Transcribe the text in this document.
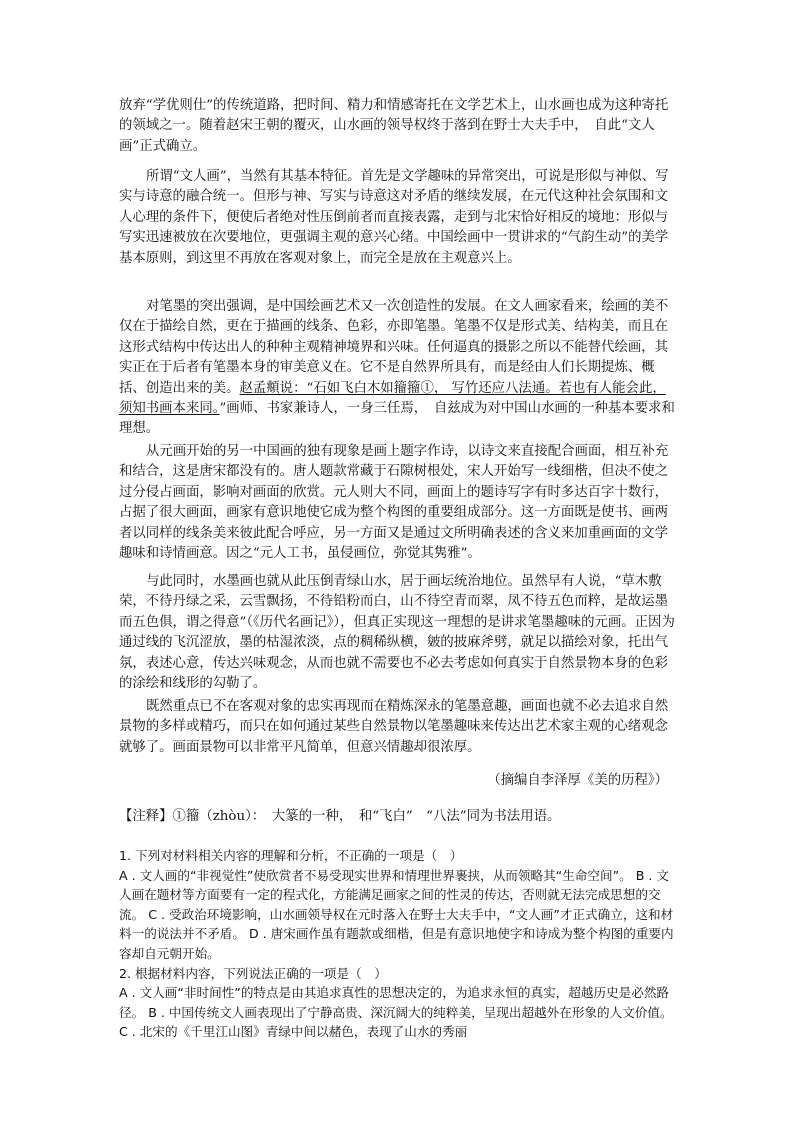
放弃“学优则仕”的传统道路，把时间、精力和情感寄托在文学艺术上，山水画也成为这种寄托的领域之一。随着赵宋王朝的覆灭，山水画的领导权终于落到在野士大夫手中，　自此“文人画”正式确立。

所谓“文人画”，当然有其基本特征。首先是文学趣味的异常突出，可说是形似与神似、写实与诗意的融合统一。但形与神、写实与诗意这对矛盾的继续发展，在元代这种社会氛围和文人心理的条件下，便使后者绝对性压倒前者而直接表露，走到与北宋恰好相反的境地：形似与写实迅速被放在次要地位，更强调主观的意兴心绪。中国绘画中一贯讲求的“气韵生动”的美学基本原则，到这里不再放在客观对象上，而完全是放在主观意兴上。

对笔墨的突出强调，是中国绘画艺术又一次创造性的发展。在文人画家看来，绘画的美不仅在于描绘自然，更在于描画的线条、色彩，亦即笔墨。笔墨不仅是形式美、结构美，而且在这形式结构中传达出人的种种主观精神境界和兴味。任何逼真的摄影之所以不能替代绘画，其实正在于后者有笔墨本身的审美意义在。它不是自然界所具有，而是经由人们长期提炼、概括、创造出来的美。赵孟頫说：“石如飞白木如籀籀①， 写竹还应八法通。若也有人能会此，须知书画本来同。”画师、书家兼诗人，一身三任焉，　自兹成为对中国山水画的一种基本要求和理想。

从元画开始的另一中国画的独有现象是画上题字作诗，以诗文来直接配合画面，相互补充和结合，这是唐宋都没有的。唐人题款常藏于石隙树根处，宋人开始写一线细楷，但决不使之过分侵占画面，影响对画面的欣赏。元人则大不同，画面上的题诗写字有时多达百字十数行，占据了很大画面，画家有意识地使它成为整个构图的重要组成部分。这一方面既是使书、画两者以同样的线条美来彼此配合呼应，另一方面又是通过文所明确表述的含义来加重画面的文学趣味和诗情画意。因之“元人工书，虽侵画位，弥觉其隽雅”。

与此同时，水墨画也就从此压倒青绿山水，居于画坛统治地位。虽然早有人说，“草木敷荣，不待丹绿之采，云雪飘扬，不待铅粉而白，山不待空青而翠，凤不待五色而粹，是故运墨而五色俱，谓之得意”（《历代名画记》），但真正实现这一理想的是讲求笔墨趣味的元画。正因为通过线的飞沉涩放，墨的枯湿浓淡，点的稠稀纵横，皴的披麻斧劈，就足以描绘对象，托出气氛，表述心意，传达兴味观念，从而也就不需要也不必去考虑如何真实于自然景物本身的色彩的涂绘和线形的勾勒了。

既然重点已不在客观对象的忠实再现而在精炼深永的笔墨意趣，画面也就不必去追求自然景物的多样或精巧，而只在如何通过某些自然景物以笔墨趣味来传达出艺术家主观的心绪观念就够了。画面景物可以非常平凡简单，但意兴情趣却很浓厚。

（摘编自李泽厚《美的历程》）
【注释】①籀（zhòu）：　大篆的一种，　和“飞白”　“八法”同为书法用语。

1. 下列对材料相关内容的理解和分析，不正确的一项是（　）

A . 文人画的“非视觉性”使欣赏者不易受现实世界和情理世界裹挟，从而领略其“生命空间”。 B . 文人画在题材等方面要有一定的程式化，方能满足画家之间的性灵的传达，否则就无法完成思想的交流。 C . 受政治环境影响，山水画领导权在元时落入在野士大夫手中，“文人画”才正式确立，这和材料一的说法并不矛盾。 D . 唐宋画作虽有题款或细楷，但是有意识地使字和诗成为整个构图的重要内容却自元朝开始。

2. 根据材料内容，下列说法正确的一项是（　）

A . 文人画“非时间性”的特点是由其追求真性的思想决定的，为追求永恒的真实，超越历史是必然路径。 B . 中国传统文人画表现出了宁静高贵、深沉阔大的纯粹美，呈现出超越外在形象的人文价值。 C . 北宋的《千里江山图》青绿中间以赭色，表现了山水的秀丽
